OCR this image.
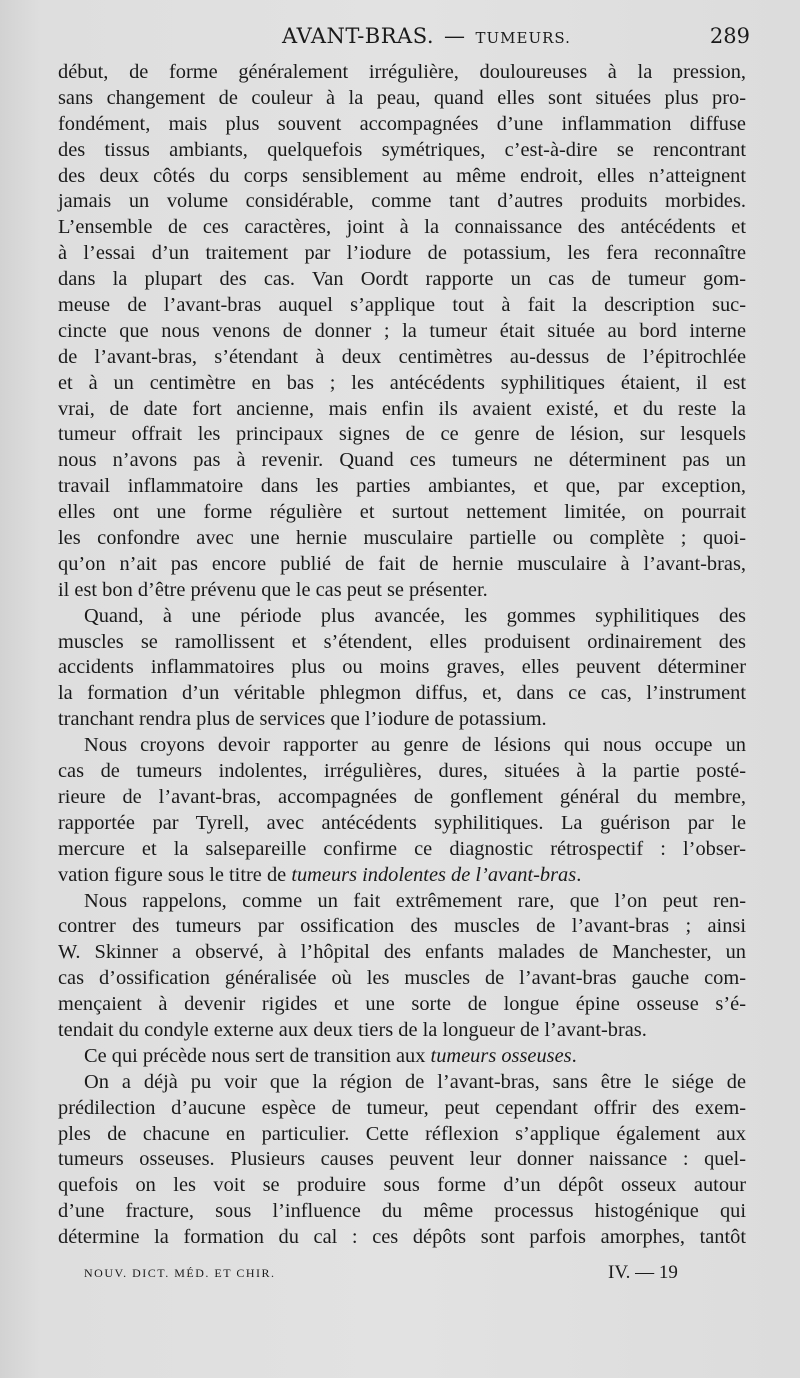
AVANT-BRAS. — TUMEURS.	289
début, de forme généralement irrégulière, douloureuses à la pression,
sans changement de couleur à la peau, quand elles sont situées plus pro-
fondément, mais plus souvent accompagnées d’une inflammation diffuse
des tissus ambiants, quelquefois symétriques, c’est-à-dire se rencontrant
des deux côtés du corps sensiblement au même endroit, elles n’atteignent
jamais un volume considérable, comme tant d’autres produits morbides.
L’ensemble de ces caractères, joint à la connaissance des antécédents et
à l’essai d’un traitement par l’iodure de potassium, les fera reconnaître
dans la plupart des cas. Van Oordt rapporte un cas de tumeur gom-
meuse de l’avant-bras auquel s’applique tout à fait la description suc-
cincte que nous venons de donner ; la tumeur était située au bord interne
de l’avant-bras, s’étendant à deux centimètres au-dessus de l’épitrochlée
et à un centimètre en bas ; les antécédents syphilitiques étaient, il est
vrai, de date fort ancienne, mais enfin ils avaient existé, et du reste la
tumeur offrait les principaux signes de ce genre de lésion, sur lesquels
nous n’avons pas à revenir. Quand ces tumeurs ne déterminent pas un
travail inflammatoire dans les parties ambiantes, et que, par exception,
elles ont une forme régulière et surtout nettement limitée, on pourrait
les confondre avec une hernie musculaire partielle ou complète ; quoi-
qu’on n’ait pas encore publié de fait de hernie musculaire à l’avant-bras,
il est bon d’être prévenu que le cas peut se présenter.
Quand, à une période plus avancée, les gommes syphilitiques des
muscles se ramollissent et s’étendent, elles produisent ordinairement des
accidents inflammatoires plus ou moins graves, elles peuvent déterminer
la formation d’un véritable phlegmon diffus, et, dans ce cas, l’instrument
tranchant rendra plus de services que l’iodure de potassium.
Nous croyons devoir rapporter au genre de lésions qui nous occupe un
cas de tumeurs indolentes, irrégulières, dures, situées à la partie posté-
rieure de l’avant-bras, accompagnées de gonflement général du membre,
rapportée par Tyrell, avec antécédents syphilitiques. La guérison par le
mercure et la salsepareille confirme ce diagnostic rétrospectif : l’obser-
vation figure sous le titre de tumeurs indolentes de l’avant-bras.
Nous rappelons, comme un fait extrêmement rare, que l’on peut ren-
contrer des tumeurs par ossification des muscles de l’avant-bras ; ainsi
W. Skinner a observé, à l’hôpital des enfants malades de Manchester, un
cas d’ossification généralisée où les muscles de l’avant-bras gauche com-
mençaient à devenir rigides et une sorte de longue épine osseuse s’é-
tendait du condyle externe aux deux tiers de la longueur de l’avant-bras.
Ce qui précède nous sert de transition aux tumeurs osseuses.
On a déjà pu voir que la région de l’avant-bras, sans être le siége de
prédilection d’aucune espèce de tumeur, peut cependant offrir des exem-
ples de chacune en particulier. Cette réflexion s’applique également aux
tumeurs osseuses. Plusieurs causes peuvent leur donner naissance : quel-
quefois on les voit se produire sous forme d’un dépôt osseux autour
d’une fracture, sous l’influence du même processus histogénique qui
détermine la formation du cal : ces dépôts sont parfois amorphes, tantôt
NOUV. DICT. MÉD. ET CHIR.	IV. — 19
